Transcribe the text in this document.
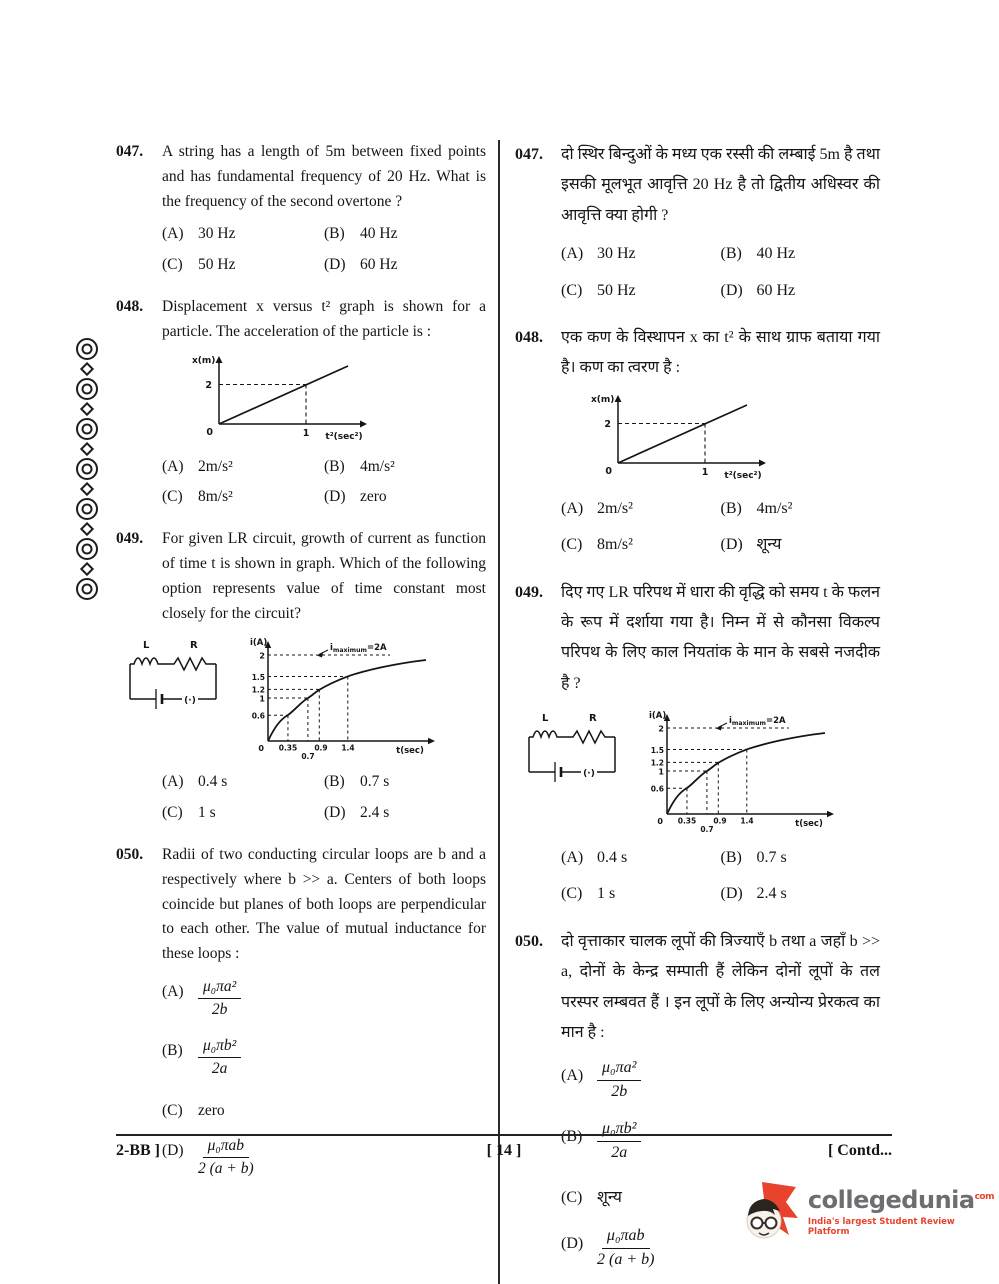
047.	A string has a length of 5m between fixed points and has fundamental frequency of 20 Hz. What is the frequency of the second overtone ?
(A) 30 Hz	(B) 40 Hz
(C) 50 Hz	(D) 60 Hz
048.	Displacement x versus t² graph is shown for a particle. The acceleration of the particle is :
x(m)
2
0	1 t²(sec²)
(A) 2m/s²	(B) 4m/s²
(C) 8m/s²	(D) zero
049.	For given LR circuit, growth of current as function of time t is shown in graph. Which of the following option represents value of time constant most closely for the circuit?
L	R
(·)
i(A)	$i_{maximum}=2A$
2
1.5
1.2
1
0.6
0 0.35
0.7
0.9 1.4	t(sec)
(A) 0.4 s	(B) 0.7 s
(C) 1 s	(D) 2.4 s
050.	Radii of two conducting circular loops are b and a respectively where b >> a. Centers of both loops coincide but planes of both loops are perpendicular to each other. The value of mutual inductance for these loops :
$(A) \frac{\text{μ₀πa²}}{2b}$
$(B) \frac{\text{μ₀πb²}}{2a}$
(C) zero
$(D) \frac{\text{μ₀πab}}{2 (a + b)}$
047.	दो स्थिर बिन्दुओं के मध्य एक रस्सी की लम्बाई 5m है तथा इसकी मूलभूत आवृत्ति 20 Hz है तो द्वितीय अधिस्वर की आवृत्ति क्या होगी ?
(A) 30 Hz	(B) 40 Hz
(C) 50 Hz	(D) 60 Hz
048.	एक कण के विस्थापन x का t² के साथ ग्राफ बताया गया है। कण का त्वरण है :
x(m)
2
0	1 t²(sec²)
(A) 2m/s²	(B) 4m/s²
(C) 8m/s²	(D) शून्य
049.	दिए गए LR परिपथ में धारा की वृद्धि को समय t के फलन के रूप में दर्शाया गया है। निम्न में से कौनसा विकल्प परिपथ के लिए काल नियतांक के मान के सबसे नजदीक है ?
L	R
(·)
i(A)	$i_{maximum}=2A$
2
1.5
1.2
1
0.6
0 0.35
0.7
0.9 1.4	t(sec)
(A) 0.4 s	(B) 0.7 s
(C) 1 s	(D) 2.4 s
050.	दो वृत्ताकार चालक लूपों की त्रिज्याएँ b तथा a जहाँ b >> a, दोनों के केन्द्र सम्पाती हैं लेकिन दोनों लूपों के तल परस्पर लम्बवत हैं । इन लूपों के लिए अन्योन्य प्रेरकत्व का मान है :
$(A) \frac{\text{μ₀πa²}}{2b}$
$(B) \frac{\text{μ₀πb²}}{2a}$
(C) शून्य
$(D) \frac{\text{μ₀πab}}{2 (a + b)}$
2-BB ]	[ 14 ]	[ Contd...
collegedunia$^{com}$
India's largest Student Review Platform
